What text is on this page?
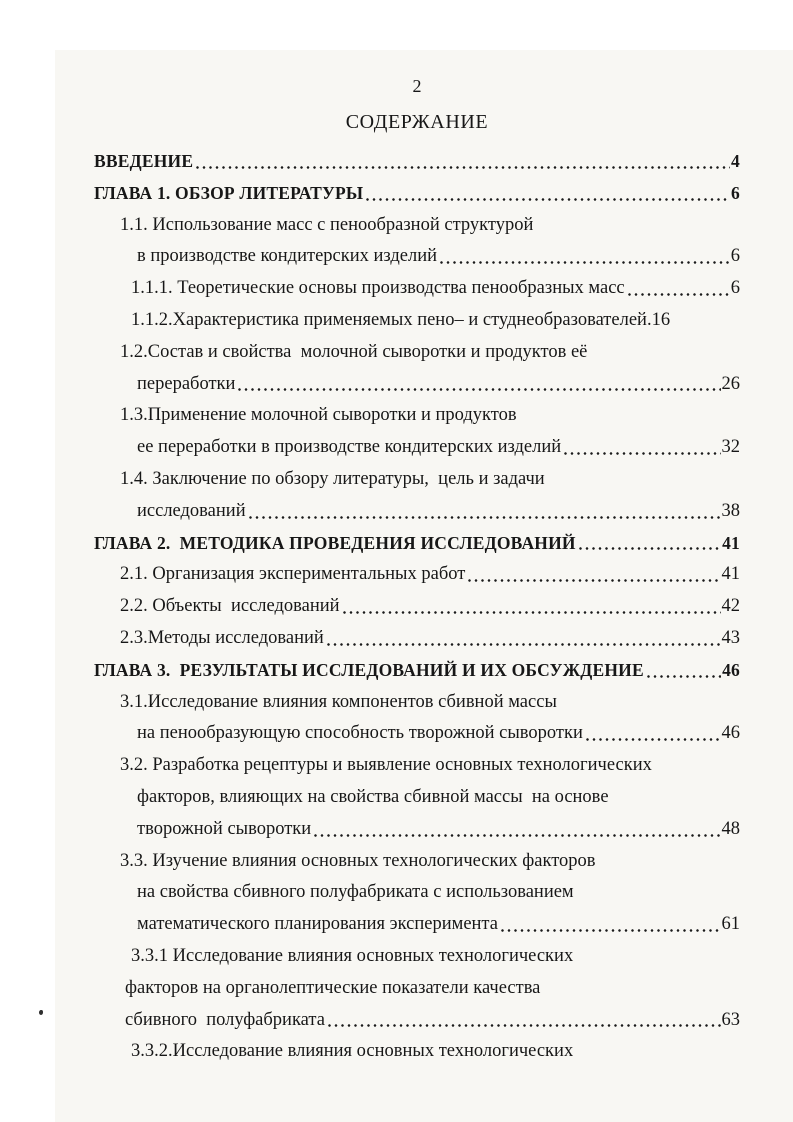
2
СОДЕРЖАНИЕ
ВВЕДЕНИЕ	4
ГЛАВА 1. ОБЗОР ЛИТЕРАТУРЫ	6
1.1. Использование масс с пенообразной структурой
в производстве кондитерских изделий	6
1.1.1. Теоретические основы производства пенообразных масс	6
1.1.2.Характеристика применяемых пено– и студнеобразователей. 16
1.2.Состав и свойства  молочной сыворотки и продуктов её
переработки	26
1.3.Применение молочной сыворотки и продуктов
ее переработки в производстве кондитерских изделий	32
1.4. Заключение по обзору литературы,  цель и задачи
исследований	38
ГЛАВА 2.  МЕТОДИКА ПРОВЕДЕНИЯ ИССЛЕДОВАНИЙ	41
2.1. Организация экспериментальных работ	41
2.2. Объекты  исследований	42
2.3.Методы исследований	43
ГЛАВА 3.  РЕЗУЛЬТАТЫ ИССЛЕДОВАНИЙ И ИХ ОБСУЖДЕНИЕ	46
3.1.Исследование влияния компонентов сбивной массы
на пенообразующую способность творожной сыворотки	46
3.2. Разработка рецептуры и выявление основных технологических
факторов, влияющих на свойства сбивной массы  на основе
творожной сыворотки	48
3.3. Изучение влияния основных технологических факторов
на свойства сбивного полуфабриката с использованием
математического планирования эксперимента	61
3.3.1 Исследование влияния основных технологических
факторов на органолептические показатели качества
сбивного  полуфабриката	63
3.3.2.Исследование влияния основных технологических
